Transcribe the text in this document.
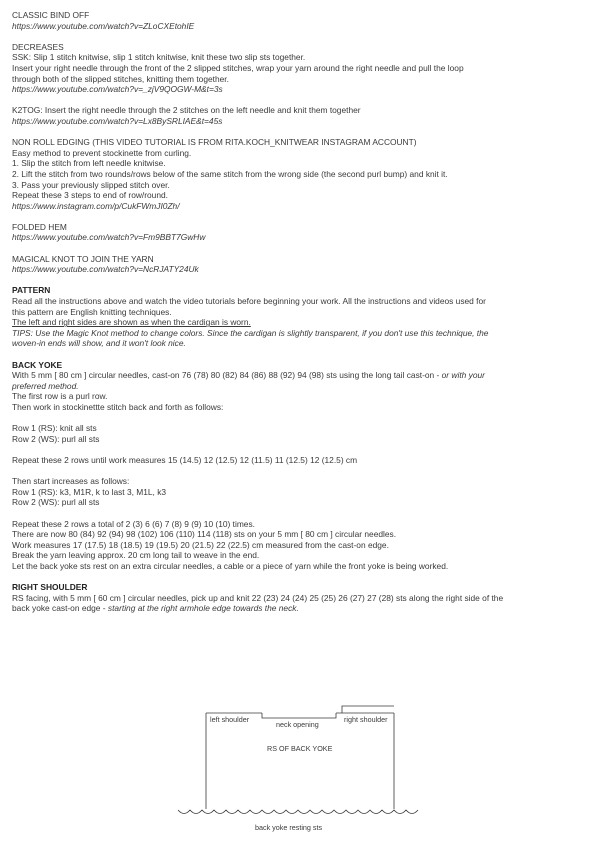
CLASSIC BIND OFF

https://www.youtube.com/watch?v=ZLoCXEtohIE

DECREASES

SSK: Slip 1 stitch knitwise, slip 1 stitch knitwise, knit these two slip sts together.

Insert your right needle through the front of the 2 slipped stitches, wrap your yarn around the right needle and pull the loop

through both of the slipped stitches, knitting them together.

https://www.youtube.com/watch?v=_zjV9QOGW-M&t=3s

K2TOG: Insert the right needle through the 2 stitches on the left needle and knit them together

https://www.youtube.com/watch?v=Lx8BySRLIAE&t=45s

NON ROLL EDGING (THIS VIDEO TUTORIAL IS FROM RITA.KOCH_KNITWEAR INSTAGRAM ACCOUNT)

Easy method to prevent stockinette from curling.

1. Slip the stitch from left needle knitwise.

2. Lift the stitch from two rounds/rows below of the same stitch from the wrong side (the second purl bump) and knit it.

3. Pass your previously slipped stitch over.

Repeat these 3 steps to end of row/round.

https://www.instagram.com/p/CukFWmJI0Zh/

FOLDED HEM

https://www.youtube.com/watch?v=Fm9BBT7GwHw

MAGICAL KNOT TO JOIN THE YARN

https://www.youtube.com/watch?v=NcRJATY24Uk

PATTERN

Read all the instructions above and watch the video tutorials before beginning your work. All the instructions and videos used for

this pattern are English knitting techniques.

The left and right sides are shown as when the cardigan is worn.

TIPS: Use the Magic Knot method to change colors. Since the cardigan is slightly transparent, if you don't use this technique, the

woven-in ends will show, and it won't look nice.

BACK YOKE

With 5 mm [ 80 cm ] circular needles, cast-on 76 (78) 80 (82) 84 (86) 88 (92) 94 (98) sts using the long tail cast-on - or with your

preferred method.

The first row is a purl row.

Then work in stockinettte stitch back and forth as follows:

Row 1 (RS): knit all sts

Row 2 (WS): purl all sts

Repeat these 2 rows until work measures 15 (14.5) 12 (12.5) 12 (11.5) 11 (12.5) 12 (12.5) cm

Then start increases as follows:

Row 1 (RS): k3, M1R, k to last 3, M1L, k3

Row 2 (WS): purl all sts

Repeat these 2 rows a total of 2 (3) 6 (6) 7 (8) 9 (9) 10 (10) times.

There are now 80 (84) 92 (94) 98 (102) 106 (110) 114 (118) sts on your 5 mm [ 80 cm ] circular needles.

Work measures 17 (17.5) 18 (18.5) 19 (19.5) 20 (21.5) 22 (22.5) cm measured from the cast-on edge.

Break the yarn leaving approx. 20 cm long tail to weave in the end.

Let the back yoke sts rest on an extra circular needles, a cable or a piece of yarn while the front yoke is being worked.

RIGHT SHOULDER

RS facing, with 5 mm [ 60 cm ] circular needles, pick up and knit 22 (23) 24 (24) 25 (25) 26 (27) 27 (28) sts along the right side of the

back yoke cast-on edge - starting at the right armhole edge towards the neck.

left shoulder
neck opening
right shoulder
RS OF BACK YOKE
back yoke resting sts
